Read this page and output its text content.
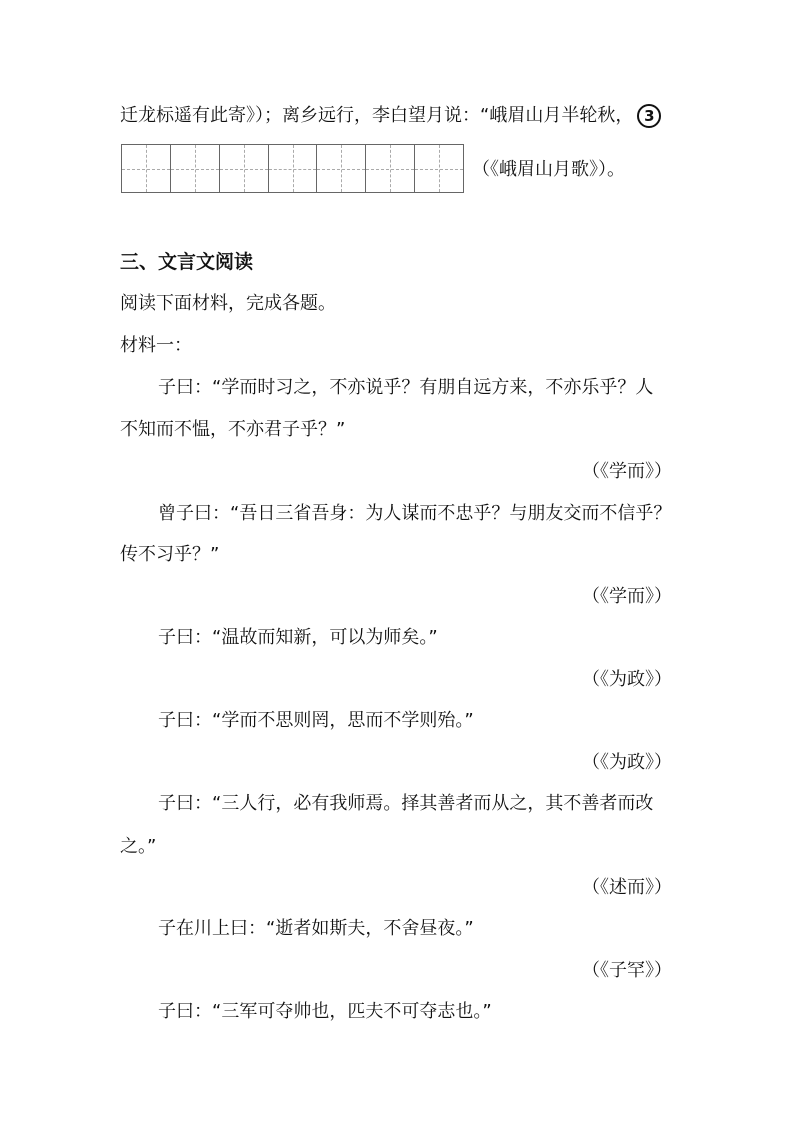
迁龙标遥有此寄》）；离乡远行，李白望月说：“峨眉山月半轮秋， 3
（《峨眉山月歌》）。
三、文言文阅读
阅读下面材料，完成各题。
材料一：
子曰：“学而时习之，不亦说乎？有朋自远方来，不亦乐乎？人
不知而不愠，不亦君子乎？”
（《学而》）
曾子曰：“吾日三省吾身：为人谋而不忠乎？与朋友交而不信乎？
传不习乎？”
（《学而》）
子曰：“温故而知新，可以为师矣。”
（《为政》）
子曰：“学而不思则罔，思而不学则殆。”
（《为政》）
子曰：“三人行，必有我师焉。择其善者而从之，其不善者而改
之。”
（《述而》）
子在川上曰：“逝者如斯夫，不舍昼夜。”
（《子罕》）
子曰：“三军可夺帅也，匹夫不可夺志也。”
